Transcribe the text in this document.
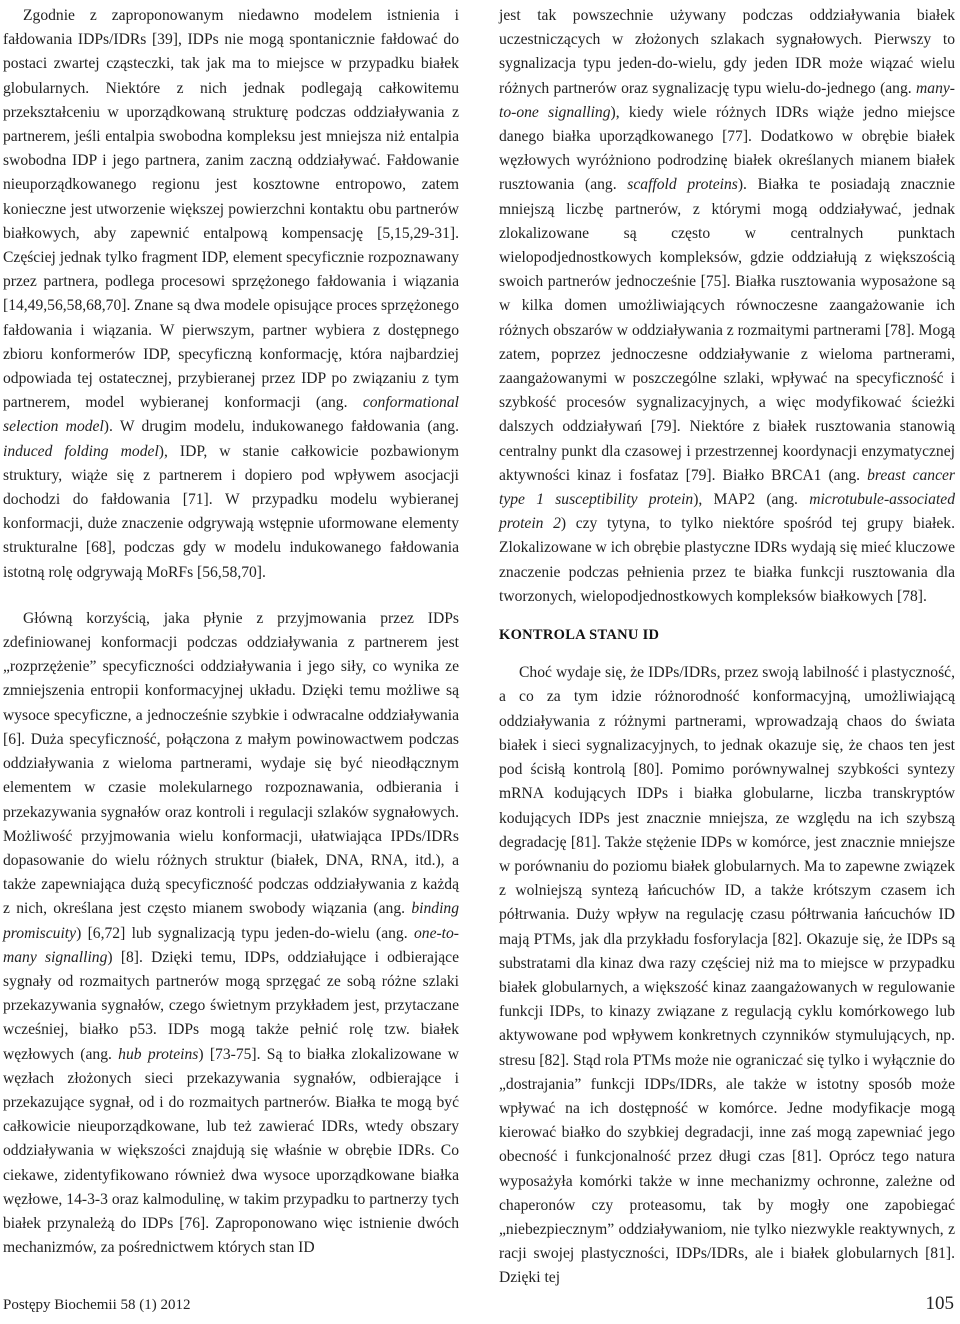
Zgodnie z zaproponowanym niedawno modelem istnienia i fałdowania IDPs/IDRs [39], IDPs nie mogą spontanicznie fałdować do postaci zwartej cząsteczki, tak jak ma to miejsce w przypadku białek globularnych. Niektóre z nich jednak podlegają całkowitemu przekształceniu w uporządkowaną strukturę podczas oddziaływania z partnerem, jeśli entalpia swobodna kompleksu jest mniejsza niż entalpia swobodna IDP i jego partnera, zanim zaczną oddziaływać. Fałdowanie nieuporządkowanego regionu jest kosztowne entropowo, zatem konieczne jest utworzenie większej powierzchni kontaktu obu partnerów białkowych, aby zapewnić entalpową kompensację [5,15,29-31]. Częściej jednak tylko fragment IDP, element specyficznie rozpoznawany przez partnera, podlega procesowi sprzężonego fałdowania i wiązania [14,49,56,58,68,70]. Znane są dwa modele opisujące proces sprzężonego fałdowania i wiązania. W pierwszym, partner wybiera z dostępnego zbioru konformerów IDP, specyficzną konformację, która najbardziej odpowiada tej ostatecznej, przybieranej przez IDP po związaniu z tym partnerem, model wybieranej konformacji (ang. conformational selection model). W drugim modelu, indukowanego fałdowania (ang. induced folding model), IDP, w stanie całkowicie pozbawionym struktury, wiąże się z partnerem i dopiero pod wpływem asocjacji dochodzi do fałdowania [71]. W przypadku modelu wybieranej konformacji, duże znaczenie odgrywają wstępnie uformowane elementy strukturalne [68], podczas gdy w modelu indukowanego fałdowania istotną rolę odgrywają MoRFs [56,58,70].

Główną korzyścią, jaka płynie z przyjmowania przez IDPs zdefiniowanej konformacji podczas oddziaływania z partnerem jest „rozprzężenie” specyficzności oddziaływania i jego siły, co wynika ze zmniejszenia entropii konformacyjnej układu. Dzięki temu możliwe są wysoce specyficzne, a jednocześnie szybkie i odwracalne oddziaływania [6]. Duża specyficzność, połączona z małym powinowactwem podczas oddziaływania z wieloma partnerami, wydaje się być nieodłącznym elementem w czasie molekularnego rozpoznawania, odbierania i przekazywania sygnałów oraz kontroli i regulacji szlaków sygnałowych. Możliwość przyjmowania wielu konformacji, ułatwiająca IPDs/IDRs dopasowanie do wielu różnych struktur (białek, DNA, RNA, itd.), a także zapewniająca dużą specyficzność podczas oddziaływania z każdą z nich, określana jest często mianem swobody wiązania (ang. binding promiscuity) [6,72] lub sygnalizacją typu jeden-do-wielu (ang. one-to-many signalling) [8]. Dzięki temu, IDPs, oddziałujące i odbierające sygnały od rozmaitych partnerów mogą sprzęgać ze sobą różne szlaki przekazywania sygnałów, czego świetnym przykładem jest, przytaczane wcześniej, białko p53. IDPs mogą także pełnić rolę tzw. białek węzłowych (ang. hub proteins) [73-75]. Są to białka zlokalizowane w węzłach złożonych sieci przekazywania sygnałów, odbierające i przekazujące sygnał, od i do rozmaitych partnerów. Białka te mogą być całkowicie nieuporządkowane, lub też zawierać IDRs, wtedy obszary oddziaływania w większości znajdują się właśnie w obrębie IDRs. Co ciekawe, zidentyfikowano również dwa wysoce uporządkowane białka węzłowe, 14-3-3 oraz kalmodulinę, w takim przypadku to partnerzy tych białek przynależą do IDPs [76]. Zaproponowano więc istnienie dwóch mechanizmów, za pośrednictwem których stan ID

jest tak powszechnie używany podczas oddziaływania białek uczestniczących w złożonych szlakach sygnałowych. Pierwszy to sygnalizacja typu jeden-do-wielu, gdy jeden IDR może wiązać wielu różnych partnerów oraz sygnalizację typu wielu-do-jednego (ang. many-to-one signalling), kiedy wiele różnych IDRs wiąże jedno miejsce danego białka uporządkowanego [77]. Dodatkowo w obrębie białek węzłowych wyróżniono podrodzinę białek określanych mianem białek rusztowania (ang. scaffold proteins). Białka te posiadają znacznie mniejszą liczbę partnerów, z którymi mogą oddziaływać, jednak zlokalizowane są często w centralnych punktach wielopodjednostkowych kompleksów, gdzie oddziałują z większością swoich partnerów jednocześnie [75]. Białka rusztowania wyposażone są w kilka domen umożliwiających równoczesne zaangażowanie ich różnych obszarów w oddziaływania z rozmaitymi partnerami [78]. Mogą zatem, poprzez jednoczesne oddziaływanie z wieloma partnerami, zaangażowanymi w poszczególne szlaki, wpływać na specyficzność i szybkość procesów sygnalizacyjnych, a więc modyfikować ścieżki dalszych oddziaływań [79]. Niektóre z białek rusztowania stanowią centralny punkt dla czasowej i przestrzennej koordynacji enzymatycznej aktywności kinaz i fosfataz [79]. Białko BRCA1 (ang. breast cancer type 1 susceptibility protein), MAP2 (ang. microtubule-associated protein 2) czy tytyna, to tylko niektóre spośród tej grupy białek. Zlokalizowane w ich obrębie plastyczne IDRs wydają się mieć kluczowe znaczenie podczas pełnienia przez te białka funkcji rusztowania dla tworzonych, wielopodjednostkowych kompleksów białkowych [78].

KONTROLA STANU ID

Choć wydaje się, że IDPs/IDRs, przez swoją labilność i plastyczność, a co za tym idzie różnorodność konformacyjną, umożliwiającą oddziaływania z różnymi partnerami, wprowadzają chaos do świata białek i sieci sygnalizacyjnych, to jednak okazuje się, że chaos ten jest pod ścisłą kontrolą [80]. Pomimo porównywalnej szybkości syntezy mRNA kodujących IDPs i białka globularne, liczba transkryptów kodujących IDPs jest znacznie mniejsza, ze względu na ich szybszą degradację [81]. Także stężenie IDPs w komórce, jest znacznie mniejsze w porównaniu do poziomu białek globularnych. Ma to zapewne związek z wolniejszą syntezą łańcuchów ID, a także krótszym czasem ich półtrwania. Duży wpływ na regulację czasu półtrwania łańcuchów ID mają PTMs, jak dla przykładu fosforylacja [82]. Okazuje się, że IDPs są substratami dla kinaz dwa razy częściej niż ma to miejsce w przypadku białek globularnych, a większość kinaz zaangażowanych w regulowanie funkcji IDPs, to kinazy związane z regulacją cyklu komórkowego lub aktywowane pod wpływem konkretnych czynników stymulujących, np. stresu [82]. Stąd rola PTMs może nie ograniczać się tylko i wyłącznie do „dostrajania” funkcji IDPs/IDRs, ale także w istotny sposób może wpływać na ich dostępność w komórce. Jedne modyfikacje mogą kierować białko do szybkiej degradacji, inne zaś mogą zapewniać jego obecność i funkcjonalność przez długi czas [81]. Oprócz tego natura wyposażyła komórki także w inne mechanizmy ochronne, zależne od chaperonów czy proteasomu, tak by mogły one zapobiegać „niebezpiecznym” oddziaływaniom, nie tylko niezwykle reaktywnych, z racji swojej plastyczności, IDPs/IDRs, ale i białek globularnych [81]. Dzięki tej

Postępy Biochemii 58 (1) 2012	105
